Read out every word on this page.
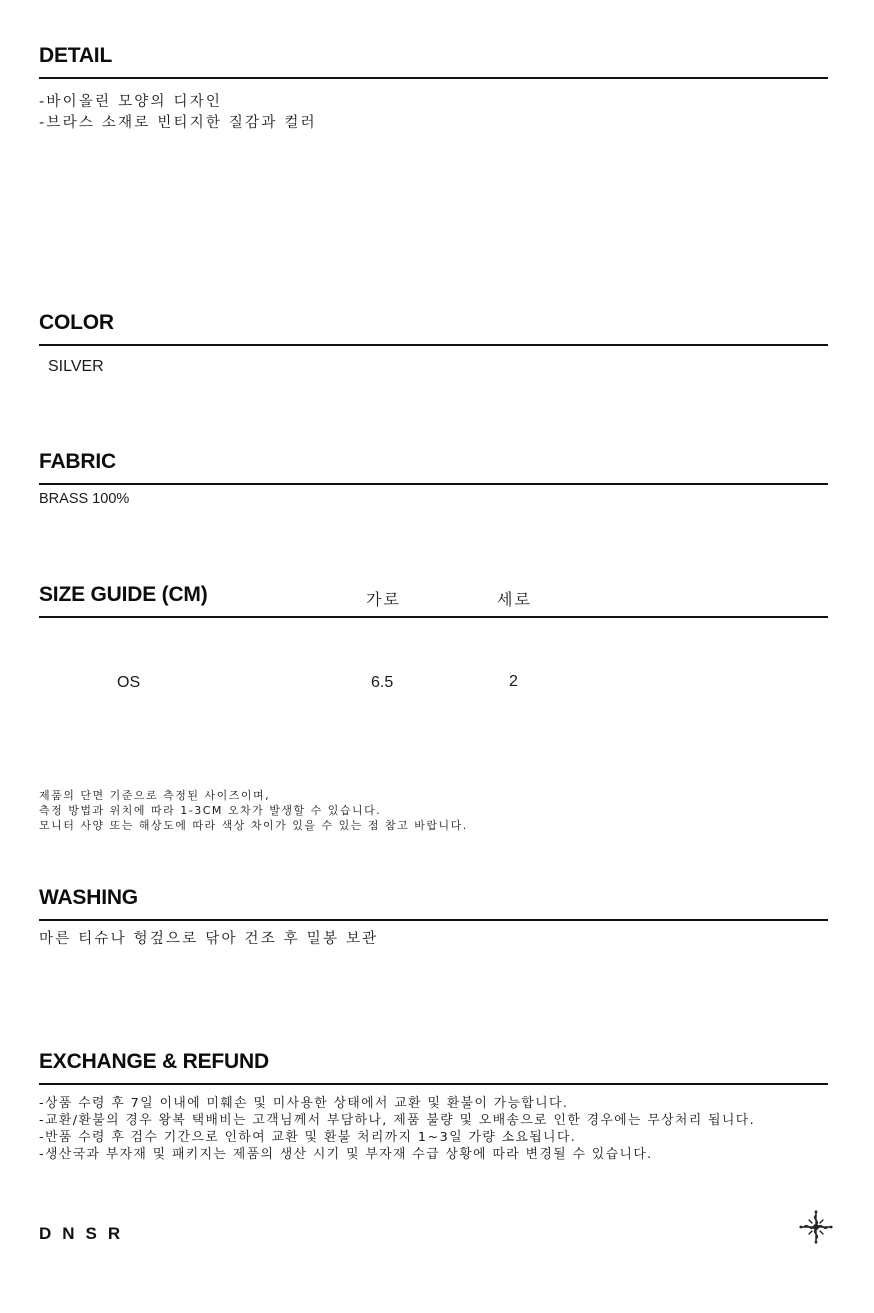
DETAIL
-바이올린 모양의 디자인
-브라스 소재로 빈티지한 질감과 컬러
COLOR
SILVER
FABRIC
BRASS 100%
SIZE GUIDE (CM)	가로	세로
OS	6.5	2
제품의 단면 기준으로 측정된 사이즈이며,
측정 방법과 위치에 따라 1-3CM 오차가 발생할 수 있습니다.
모니터 사양 또는 해상도에 따라 색상 차이가 있을 수 있는 점 참고 바랍니다.
WASHING
마른 티슈나 헝겊으로 닦아 건조 후 밀봉 보관
EXCHANGE & REFUND
-상품 수령 후 7일 이내에 미훼손 및 미사용한 상태에서 교환 및 환불이 가능합니다.
-교환/환불의 경우 왕복 택배비는 고객님께서 부담하나, 제품 불량 및 오배송으로 인한 경우에는 무상처리 됩니다.
-반품 수령 후 검수 기간으로 인하여 교환 및 환불 처리까지 1~3일 가량 소요됩니다.
-생산국과 부자재 및 패키지는 제품의 생산 시기 및 부자재 수급 상황에 따라 변경될 수 있습니다.
DNSR
